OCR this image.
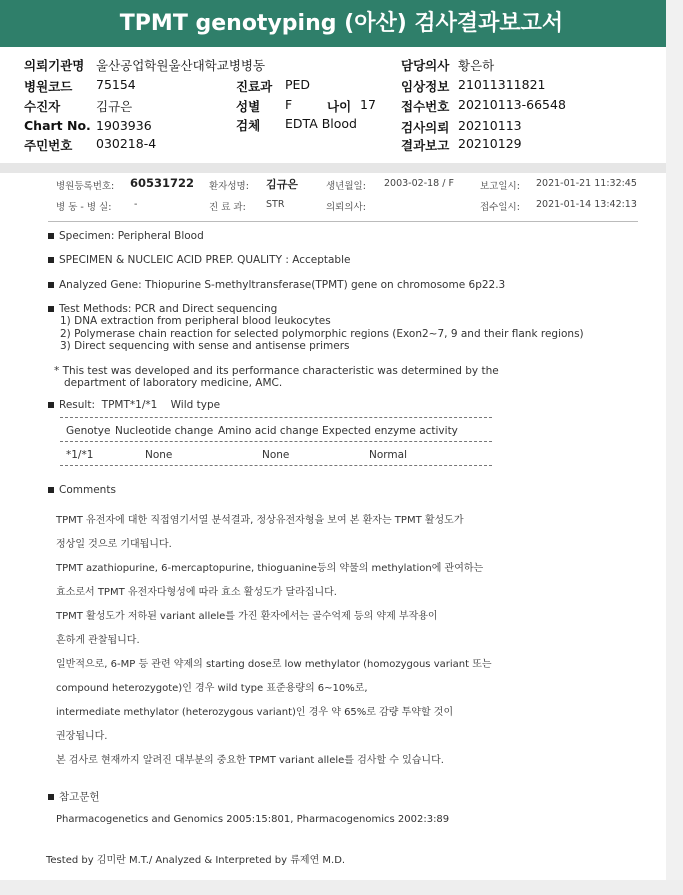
TPMT genotyping (아산) 검사결과보고서
의뢰기관명 울산공업학원울산대학교병병동
병원코드 75154
수진자	김규은
Chart No. 1903936
주민번호 030218-4
진료과 PED
성별 F	나이 17
검체 EDTA Blood
담당의사 황은하
임상정보 21011311821
접수번호 20210113-66548
검사의뢰 20210113
결과보고 20210129
병원등록번호: 60531722 환자성명: 김규은	생년월일: 2003-02-18 / F	보고일시: 2021-01-21 11:32:45
병 동 - 병 실: -	진 료 과: STR	의뢰의사:	접수일시: 2021-01-14 13:42:13
Specimen: Peripheral Blood
SPECIMEN & NUCLEIC ACID PREP. QUALITY : Acceptable
Analyzed Gene: Thiopurine S-methyltransferase(TPMT) gene on chromosome 6p22.3
Test Methods: PCR and Direct sequencing
1) DNA extraction from peripheral blood leukocytes
2) Polymerase chain reaction for selected polymorphic regions (Exon2~7, 9 and their flank regions)
3) Direct sequencing with sense and antisense primers
* This test was developed and its performance characteristic was determined by the
department of laboratory medicine, AMC.
Result: TPMT*1/*1 Wild type
Genotye Nucleotide change Amino acid change Expected enzyme activity
*1/*1	None	None	Normal
Comments
TPMT 유전자에 대한 직접염기서열 분석결과, 정상유전자형을 보여 본 환자는 TPMT 활성도가
정상일 것으로 기대됩니다.
TPMT azathiopurine, 6-mercaptopurine, thioguanine등의 약물의 methylation에 관여하는
효소로서 TPMT 유전자다형성에 따라 효소 활성도가 달라집니다.
TPMT 활성도가 저하된 variant allele를 가진 환자에서는 골수억제 등의 약제 부작용이
흔하게 관찰됩니다.
일반적으로, 6-MP 등 관련 약제의 starting dose로 low methylator (homozygous variant 또는
compound heterozygote)인 경우 wild type 표준용량의 6~10%로,
intermediate methylator (heterozygous variant)인 경우 약 65%로 감량 투약할 것이
권장됩니다.
본 검사로 현재까지 알려진 대부분의 중요한 TPMT variant allele를 검사할 수 있습니다.
참고문헌
Pharmacogenetics and Genomics 2005:15:801, Pharmacogenomics 2002:3:89
Tested by 김미란 M.T./ Analyzed & Interpreted by 류제연 M.D.
